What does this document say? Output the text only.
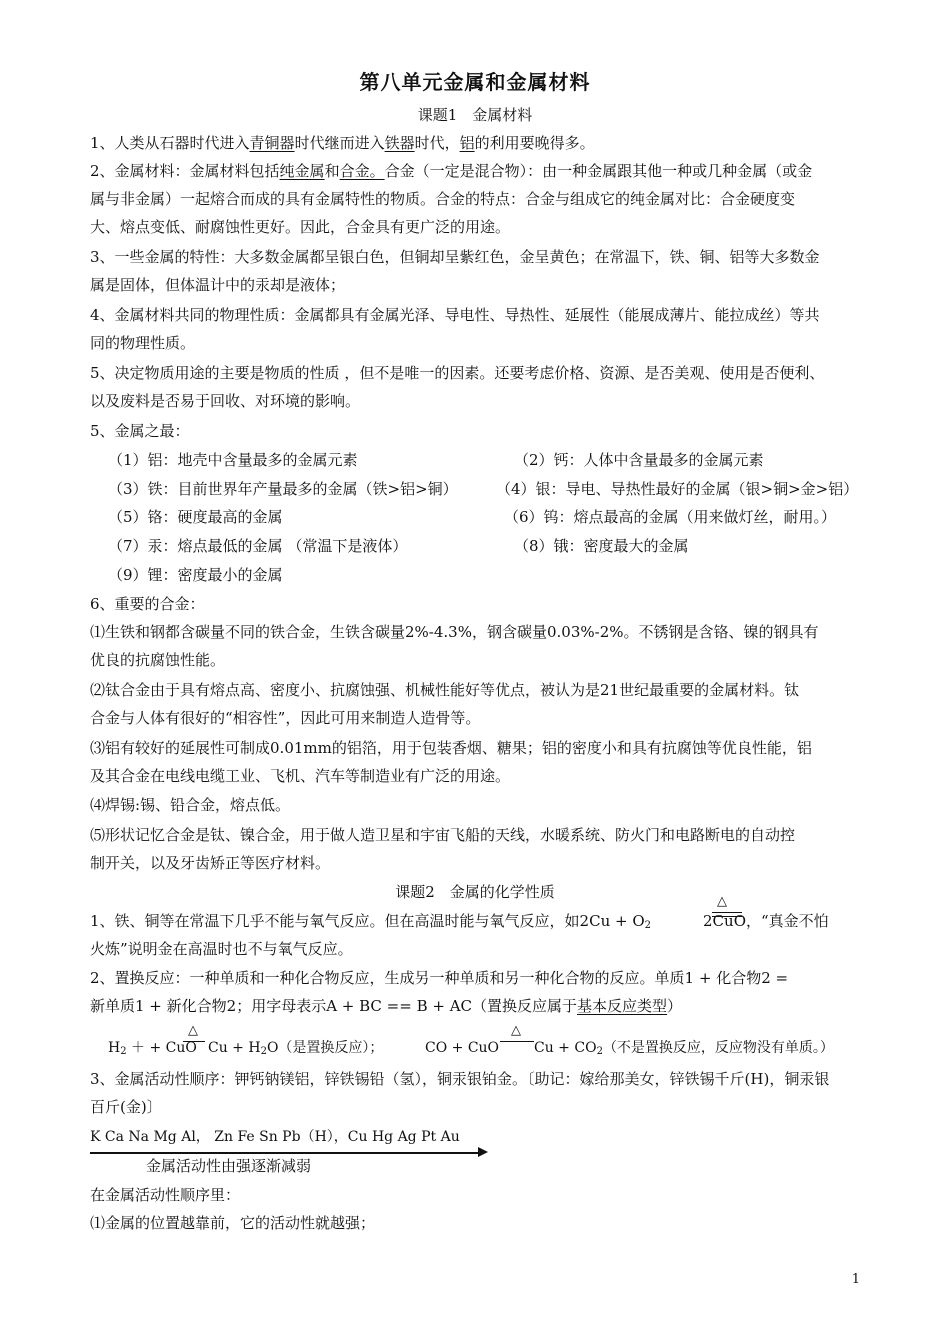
第八单元金属和金属材料
课题1　金属材料
1、人类从石器时代进入青铜器时代继而进入铁器时代，铝的利用要晚得多。
2、金属材料：金属材料包括纯金属和合金。合金（一定是混合物）：由一种金属跟其他一种或几种金属（或金
属与非金属）一起熔合而成的具有金属特性的物质。合金的特点：合金与组成它的纯金属对比：合金硬度变
大、熔点变低、耐腐蚀性更好。因此，合金具有更广泛的用途。
3、一些金属的特性：大多数金属都呈银白色，但铜却呈紫红色，金呈黄色；在常温下，铁、铜、铝等大多数金
属是固体，但体温计中的汞却是液体；
4、金属材料共同的物理性质：金属都具有金属光泽、导电性、导热性、延展性（能展成薄片、能拉成丝）等共
同的物理性质。
5、决定物质用途的主要是物质的性质 ，但不是唯一的因素。还要考虑价格、资源、是否美观、使用是否便利、
以及废料是否易于回收、对环境的影响。
5、金属之最：
（1）铝：地壳中含量最多的金属元素	（2）钙：人体中含量最多的金属元素
（3）铁：目前世界年产量最多的金属（铁>铝>铜）	（4）银：导电、导热性最好的金属（银>铜>金>铝）
（5）铬：硬度最高的金属	（6）钨：熔点最高的金属（用来做灯丝，耐用。）
（7）汞：熔点最低的金属 （常温下是液体）	（8）锇：密度最大的金属
（9）锂：密度最小的金属
6、重要的合金：
⑴生铁和钢都含碳量不同的铁合金，生铁含碳量2%-4.3%，钢含碳量0.03%-2%。不锈钢是含铬、镍的钢具有
优良的抗腐蚀性能。
⑵钛合金由于具有熔点高、密度小、抗腐蚀强、机械性能好等优点，被认为是21世纪最重要的金属材料。钛
合金与人体有很好的“相容性”，因此可用来制造人造骨等。
⑶铝有较好的延展性可制成0.01mm的铝箔，用于包装香烟、糖果；铝的密度小和具有抗腐蚀等优良性能，铝
及其合金在电线电缆工业、飞机、汽车等制造业有广泛的用途。
⑷焊锡:锡、铅合金，熔点低。
⑸形状记忆合金是钛、镍合金，用于做人造卫星和宇宙飞船的天线，水暖系统、防火门和电路断电的自动控
制开关，以及牙齿矫正等医疗材料。
课题2　金属的化学性质
1、铁、铜等在常温下几乎不能与氧气反应。但在高温时能与氧气反应，如$2Cu + O_2$	2CuO，“真金不怕
△
火炼”说明金在高温时也不与氧气反应。
2、置换反应：一种单质和一种化合物反应，生成另一种单质和另一种化合物的反应。单质1 + 化合物2 =
新单质1 + 新化合物2；用字母表示A + BC == B + AC（置换反应属于基本反应类型）
$H_2$ ＋ + CuO
△
$Cu + H_2O$（是置换反应）；	CO + CuO
△
$Cu + CO_2$（不是置换反应，反应物没有单质。）
3、金属活动性顺序：钾钙钠镁铝，锌铁锡铅（氢），铜汞银铂金。〔助记：嫁给那美女，锌铁锡千斤(H)，铜汞银
百斤(金)〕
K Ca Na Mg Al， Zn Fe Sn Pb（H），Cu Hg Ag Pt Au
金属活动性由强逐渐减弱
在金属活动性顺序里：
⑴金属的位置越靠前，它的活动性就越强；
1
